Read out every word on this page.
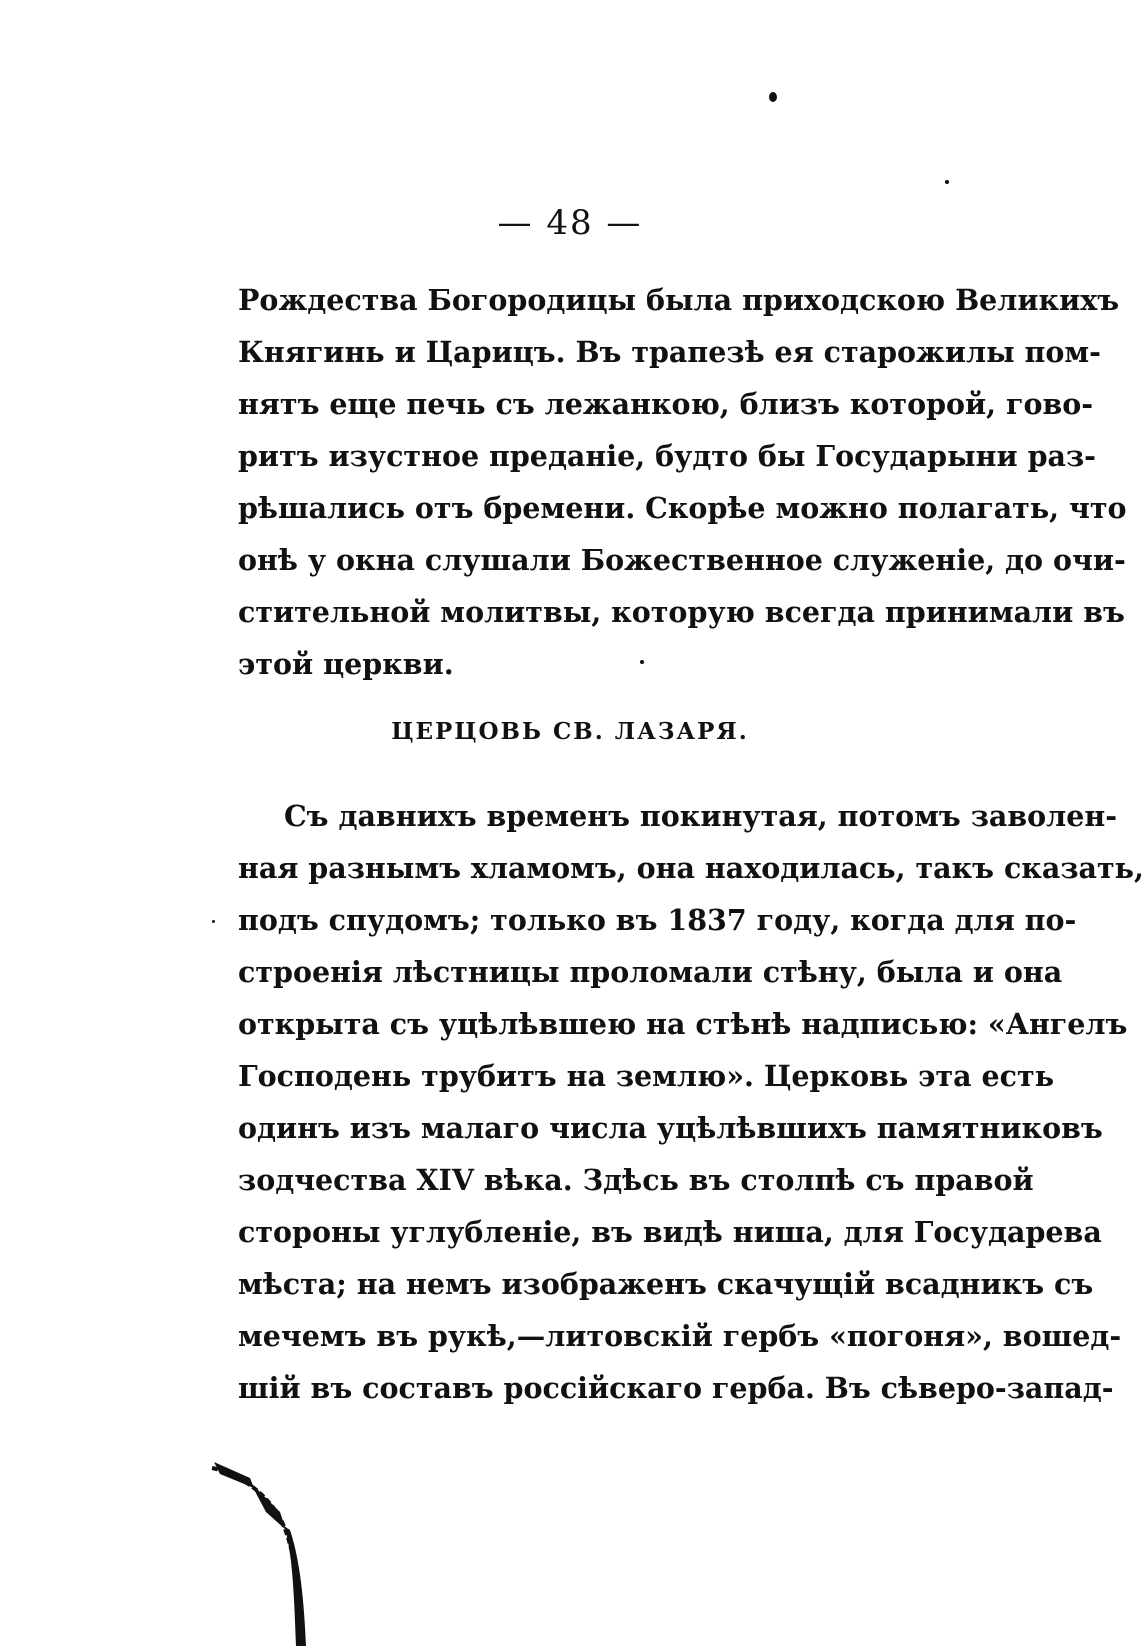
— 48 —
Рождества Богородицы была приходскою Великихъ
Княгинь и Царицъ. Въ трапезѣ ея старожилы пом-
нятъ еще печь съ лежанкою, близъ которой, гово-
ритъ изустное преданіе, будто бы Государыни раз-
рѣшались отъ бремени. Скорѣе можно полагать, что
онѣ у окна слушали Божественное служеніе, до очи-
стительной молитвы, которую всегда принимали въ
этой церкви.
ЦЕРЦОВЬ СВ. ЛАЗАРЯ.
Съ давнихъ временъ покинутая, потомъ заволен-
ная разнымъ хламомъ, она находилась, такъ сказать,
подъ спудомъ; только въ 1837 году, когда для по-
строенія лѣстницы проломали стѣну, была и она
открыта съ уцѣлѣвшею на стѣнѣ надписью: «Ангелъ
Господень трубитъ на землю». Церковь эта есть
одинъ изъ малаго числа уцѣлѣвшихъ памятниковъ
зодчества XIV вѣка. Здѣсь въ столпѣ съ правой
стороны углубленіе, въ видѣ ниша, для Государева
мѣста; на немъ изображенъ скачущій всадникъ съ
мечемъ въ рукѣ,—литовскій гербъ «погоня», вошед-
шій въ составъ россійскаго герба. Въ сѣверо-запад-
